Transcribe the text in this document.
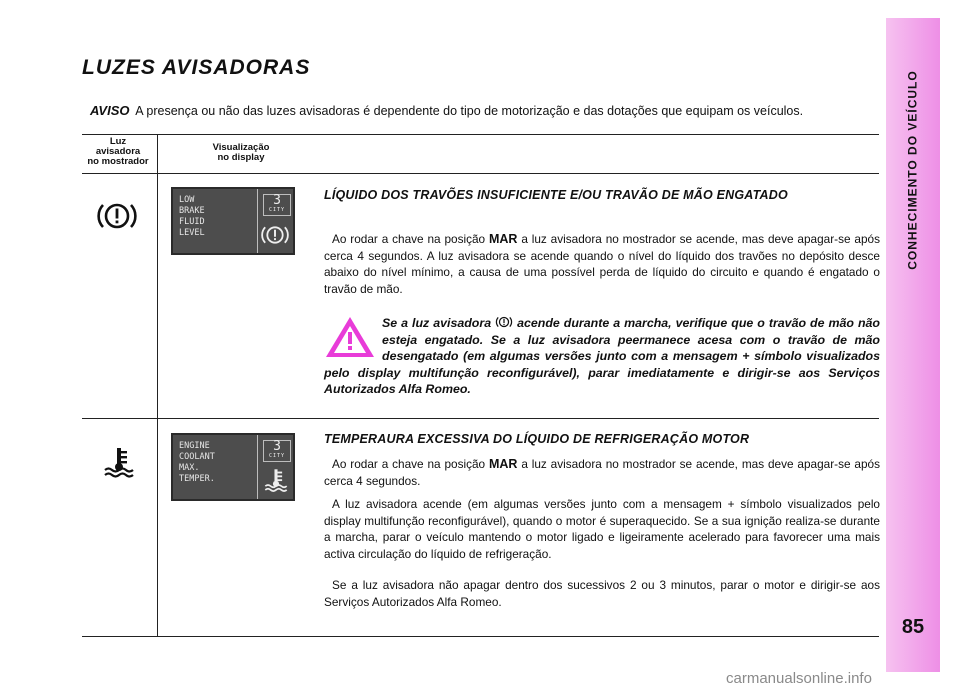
CONHECIMENTO DO VEÍCULO
85
carmanualsonline.info
LUZES AVISADORAS
AVISO A presença ou não das luzes avisadoras é dependente do tipo de motorização e das dotações que equipam os veículos.
Luz
avisadora
no mostrador
Visualização
no display
LOW
BRAKE
FLUID
LEVEL
3
CITY
LÍQUIDO DOS TRAVÕES INSUFICIENTE E/OU TRAVÃO DE MÃO ENGATADO

Ao rodar a chave na posição MAR a luz avisadora no mostrador se acende, mas deve apagar-se após cerca 4 segundos. A luz avisadora se acende quando o nível do líquido dos travões no depósito desce abaixo do nível mínimo, a causa de uma possível perda de líquido do circuito e quando é engatado o travão de mão.

Se a luz avisadora  acende durante a marcha, verifique que o travão de mão não esteja engatado. Se a luz avisadora peermanece acesa com o travão de mão desengatado (em algumas versões junto com a mensagem + símbolo visualizados pelo display multifunção reconfigurável), parar imediatamente e dirigir-se aos Serviços Autorizados Alfa Romeo.
ENGINE
COOLANT
MAX.
TEMPER.
3
CITY
TEMPERAURA EXCESSIVA DO LÍQUIDO DE REFRIGERAÇÃO MOTOR

Ao rodar a chave na posição MAR a luz avisadora no mostrador se acende, mas deve apagar-se após cerca 4 segundos.

A luz avisadora acende (em algumas versões junto com a mensagem + símbolo visualizados pelo display multifunção reconfigurável), quando o motor é superaquecido. Se a sua ignição realiza-se durante a marcha, parar o veículo mantendo o motor ligado e ligeiramente acelerado para favorecer uma mais activa circulação do líquido de refrigeração.

Se a luz avisadora não apagar dentro dos sucessivos 2 ou 3 minutos, parar o motor e dirigir-se aos Serviços Autorizados Alfa Romeo.
